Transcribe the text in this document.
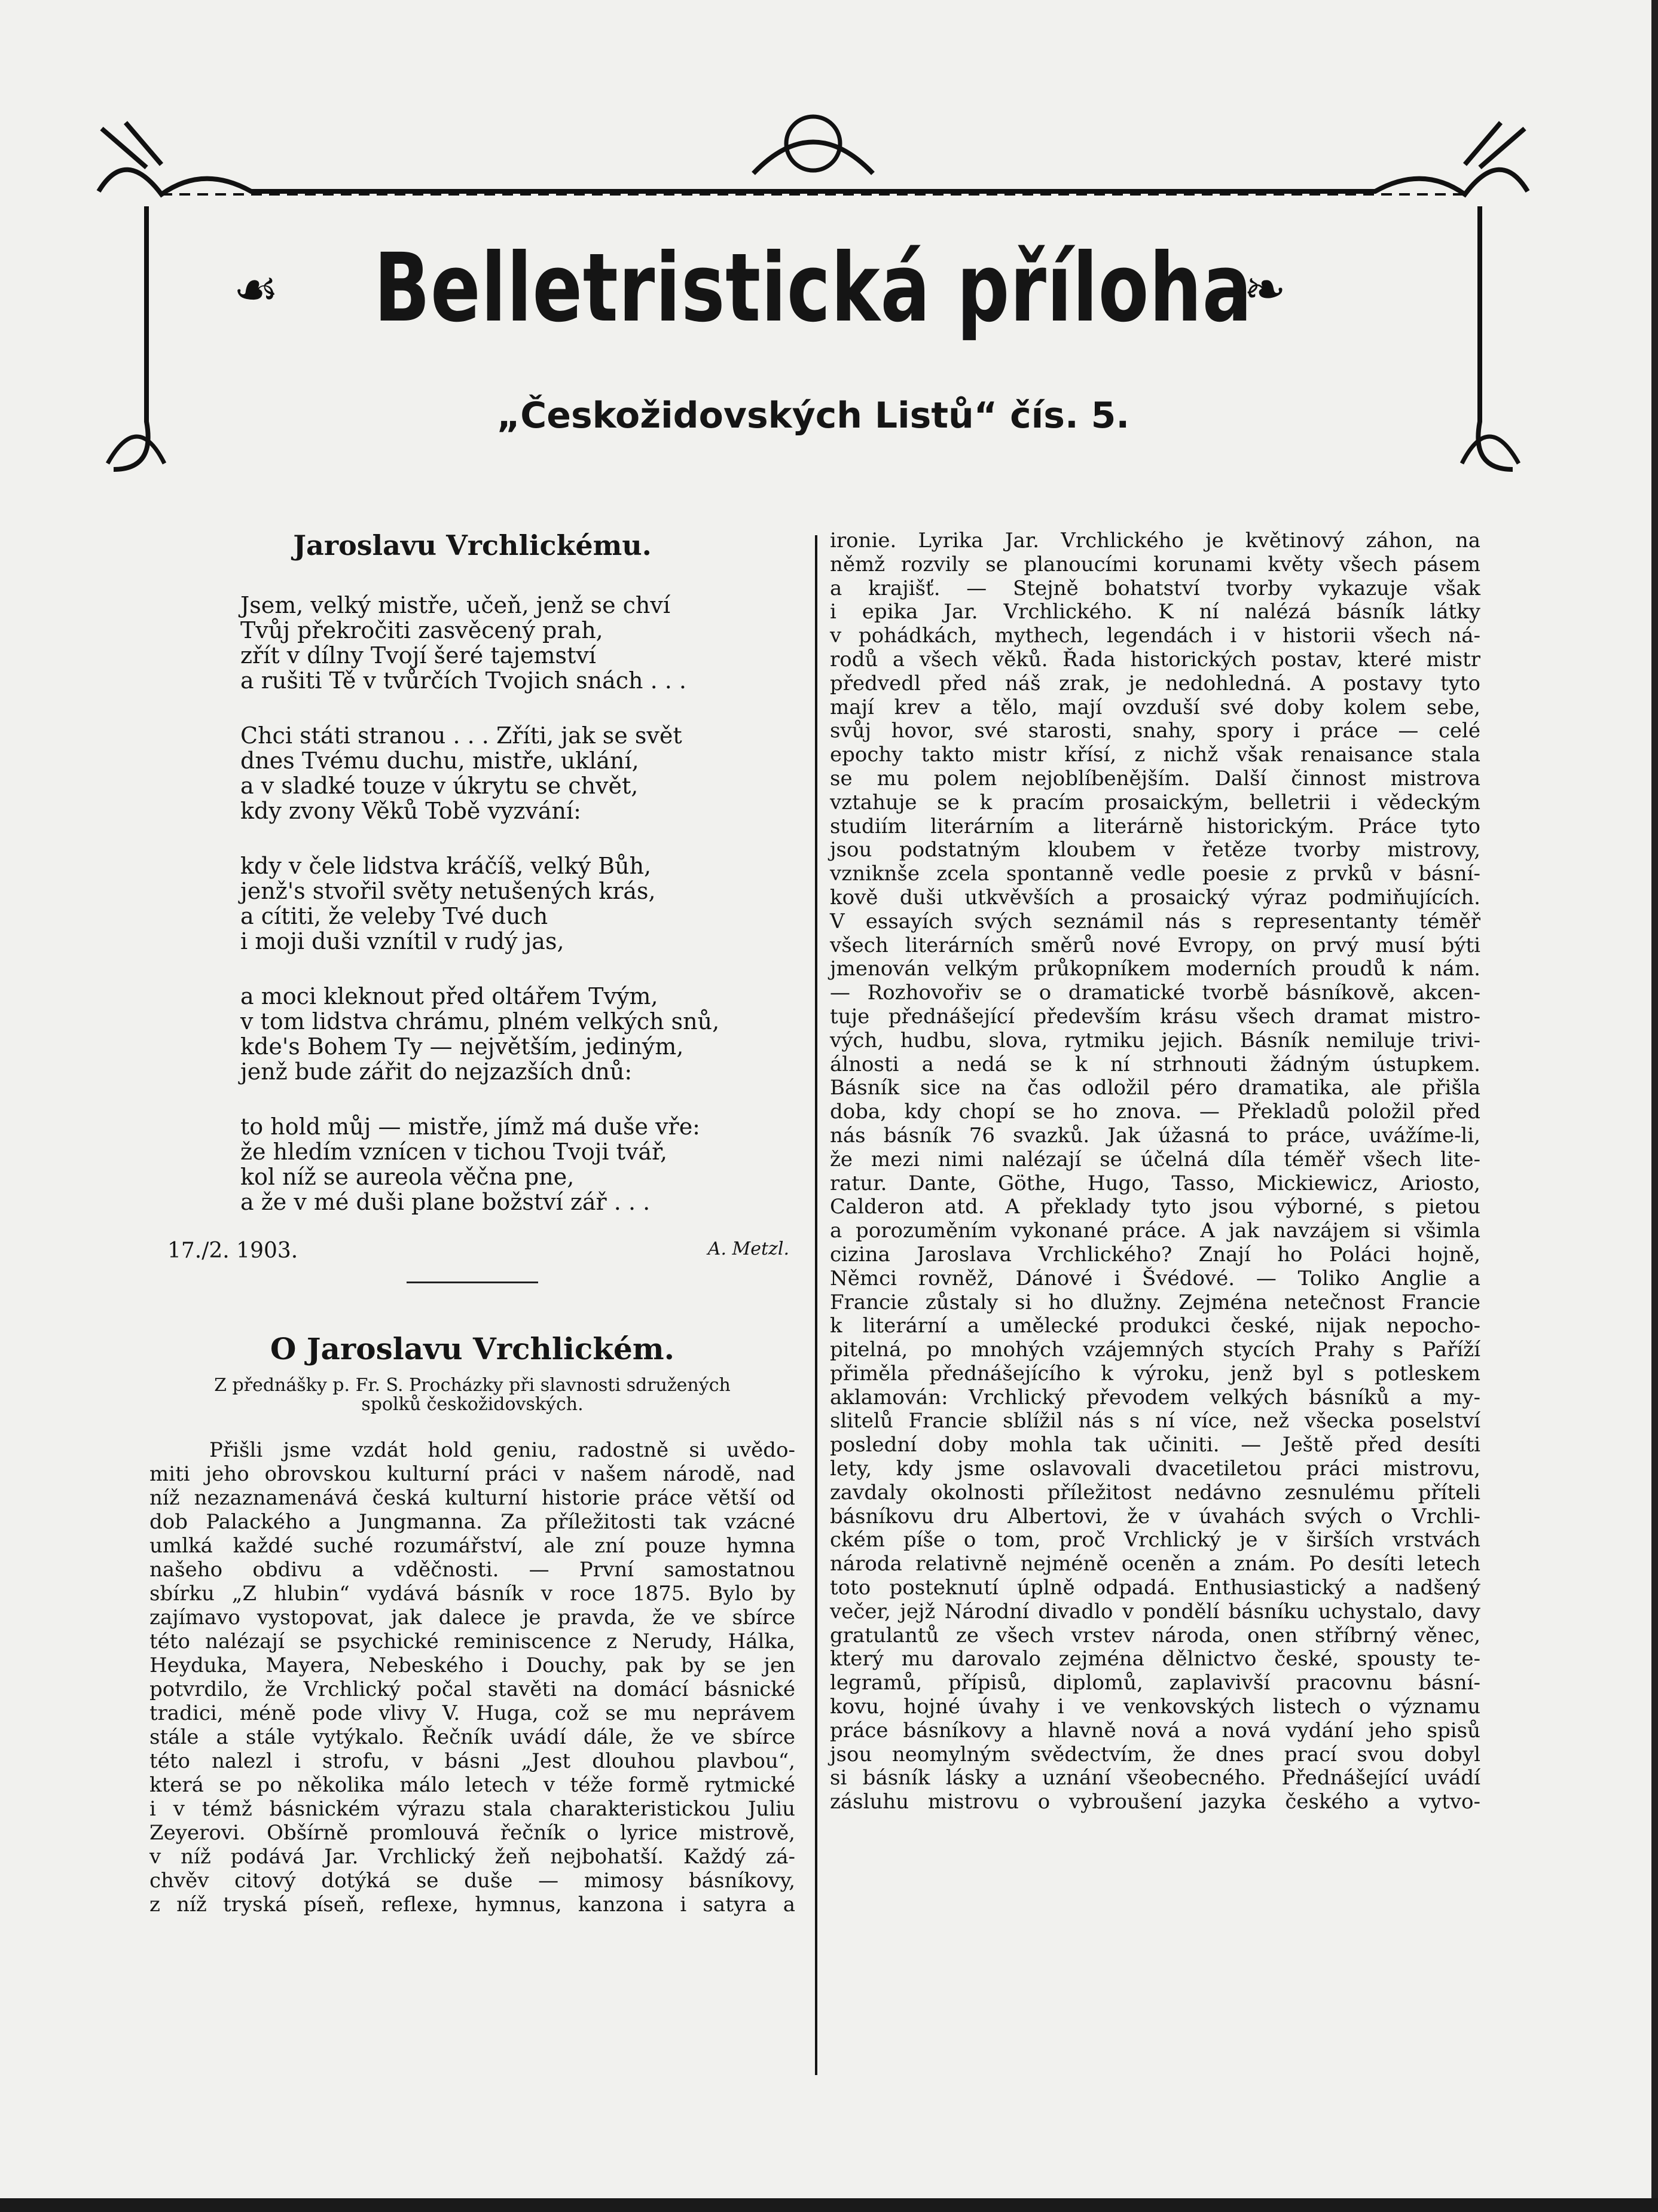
☙	❧
Belletristická příloha
„Českožidovských Listů“ čís. 5.
Jaroslavu Vrchlickému.
Jsem, velký mistře, učeň, jenž se chví
Tvůj překročiti zasvěcený prah,
zřít v dílny Tvojí šeré tajemství
a rušiti Tě v tvůrčích Tvojich snách . . .
Chci státi stranou . . . Zříti, jak se svět
dnes Tvému duchu, mistře, uklání,
a v sladké touze v úkrytu se chvět,
kdy zvony Věků Tobě vyzvání:
kdy v čele lidstva kráčíš, velký Bůh,
jenž's stvořil světy netušených krás,
a cítiti, že veleby Tvé duch
i moji duši vznítil v rudý jas,
a moci kleknout před oltářem Tvým,
v tom lidstva chrámu, plném velkých snů,
kde's Bohem Ty — největším, jediným,
jenž bude zářit do nejzazších dnů:
to hold můj — mistře, jímž má duše vře:
že hledím vznícen v tichou Tvoji tvář,
kol níž se aureola věčna pne,
a že v mé duši plane božství zář . . .
17./2. 1903.	A. Metzl.
O Jaroslavu Vrchlickém.
Z přednášky p. Fr. S. Procházky při slavnosti sdružených spolků českožidovských.

Přišli jsme vzdát hold geniu, radostně si uvědo-

miti jeho obrovskou kulturní práci v našem národě, nad

níž nezaznamenává česká kulturní historie práce větší od

dob Palackého a Jungmanna. Za příležitosti tak vzácné

umlká každé suché rozumářství, ale zní pouze hymna

našeho obdivu a vděčnosti. — První samostatnou

sbírku „Z hlubin“ vydává básník v roce 1875. Bylo by

zajímavo vystopovat, jak dalece je pravda, že ve sbírce

této nalézají se psychické reminiscence z Nerudy, Hálka,

Heyduka, Mayera, Nebeského i Douchy, pak by se jen

potvrdilo, že Vrchlický počal stavěti na domácí básnické

tradici, méně pode vlivy V. Huga, což se mu neprávem

stále a stále vytýkalo. Řečník uvádí dále, že ve sbírce

této nalezl i strofu, v básni „Jest dlouhou plavbou“,

která se po několika málo letech v téže formě rytmické

i v témž básnickém výrazu stala charakteristickou Juliu

Zeyerovi. Obšírně promlouvá řečník o lyrice mistrově,

v níž podává Jar. Vrchlický žeň nejbohatší. Každý zá-

chvěv citový dotýká se duše — mimosy básníkovy,

z níž tryská píseň, reflexe, hymnus, kanzona i satyra a

ironie. Lyrika Jar. Vrchlického je květinový záhon, na

němž rozvily se planoucími korunami květy všech pásem

a krajišť. — Stejně bohatství tvorby vykazuje však

i epika Jar. Vrchlického. K ní nalézá básník látky

v pohádkách, mythech, legendách i v historii všech ná-

rodů a všech věků. Řada historických postav, které mistr

předvedl před náš zrak, je nedohledná. A postavy tyto

mají krev a tělo, mají ovzduší své doby kolem sebe,

svůj hovor, své starosti, snahy, spory i práce — celé

epochy takto mistr křísí, z nichž však renaisance stala

se mu polem nejoblíbenějším. Další činnost mistrova

vztahuje se k pracím prosaickým, belletrii i vědeckým

studiím literárním a literárně historickým. Práce tyto

jsou podstatným kloubem v řetěze tvorby mistrovy,

vzniknše zcela spontanně vedle poesie z prvků v básní-

kově duši utkvěvších a prosaický výraz podmiňujících.

V essayích svých seznámil nás s representanty téměř

všech literárních směrů nové Evropy, on prvý musí býti

jmenován velkým průkopníkem moderních proudů k nám.

— Rozhovořiv se o dramatické tvorbě básníkově, akcen-

tuje přednášející především krásu všech dramat mistro-

vých, hudbu, slova, rytmiku jejich. Básník nemiluje trivi-

álnosti a nedá se k ní strhnouti žádným ústupkem.

Básník sice na čas odložil péro dramatika, ale přišla

doba, kdy chopí se ho znova. — Překladů položil před

nás básník 76 svazků. Jak úžasná to práce, uvážíme-li,

že mezi nimi nalézají se účelná díla téměř všech lite-

ratur. Dante, Göthe, Hugo, Tasso, Mickiewicz, Ariosto,

Calderon atd. A překlady tyto jsou výborné, s pietou

a porozuměním vykonané práce. A jak navzájem si všimla

cizina Jaroslava Vrchlického? Znají ho Poláci hojně,

Němci rovněž, Dánové i Švédové. — Toliko Anglie a

Francie zůstaly si ho dlužny. Zejména netečnost Francie

k literární a umělecké produkci české, nijak nepocho-

pitelná, po mnohých vzájemných stycích Prahy s Paříží

přiměla přednášejícího k výroku, jenž byl s potleskem

aklamován: Vrchlický převodem velkých básníků a my-

slitelů Francie sblížil nás s ní více, než všecka poselství

poslední doby mohla tak učiniti. — Ještě před desíti

lety, kdy jsme oslavovali dvacetiletou práci mistrovu,

zavdaly okolnosti příležitost nedávno zesnulému příteli

básníkovu dru Albertovi, že v úvahách svých o Vrchli-

ckém píše o tom, proč Vrchlický je v širších vrstvách

národa relativně nejméně oceněn a znám. Po desíti letech

toto posteknutí úplně odpadá. Enthusiastický a nadšený

večer, jejž Národní divadlo v pondělí básníku uchystalo, davy

gratulantů ze všech vrstev národa, onen stříbrný věnec,

který mu darovalo zejména dělnictvo české, spousty te-

legramů, přípisů, diplomů, zaplavivší pracovnu básní-

kovu, hojné úvahy i ve venkovských listech o významu

práce básníkovy a hlavně nová a nová vydání jeho spisů

jsou neomylným svědectvím, že dnes prací svou dobyl

si básník lásky a uznání všeobecného. Přednášející uvádí

zásluhu mistrovu o vybroušení jazyka českého a vytvo-
